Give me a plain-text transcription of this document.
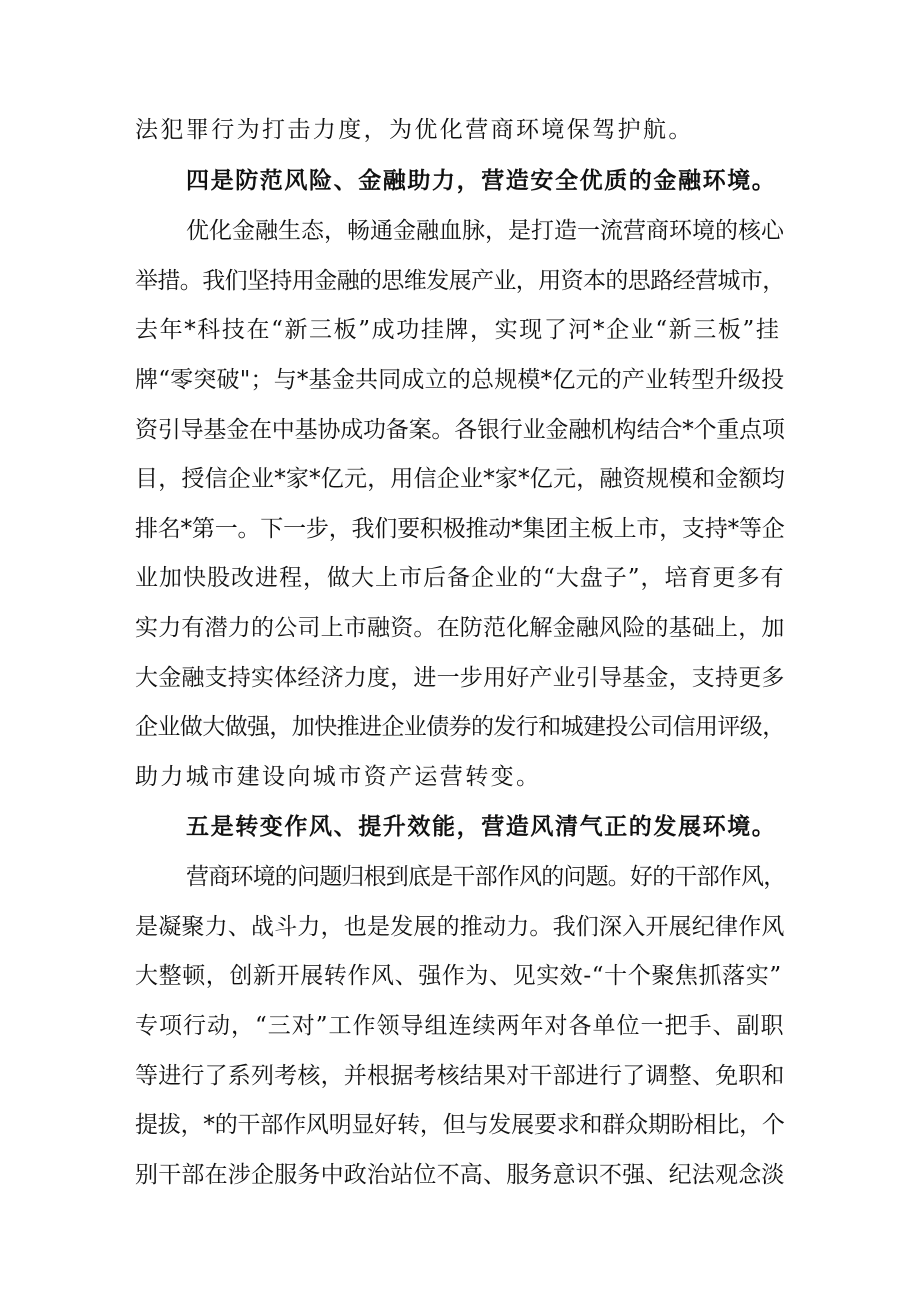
法犯罪行为打击力度，为优化营商环境保驾护航。
四是防范风险、金融助力，营造安全优质的金融环境。
优化金融生态，畅通金融血脉，是打造一流营商环境的核心
举措。我们坚持用金融的思维发展产业，用资本的思路经营城市，
去年*科技在“新三板”成功挂牌，实现了河*企业“新三板”挂
牌“零突破"；与*基金共同成立的总规模*亿元的产业转型升级投
资引导基金在中基协成功备案。各银行业金融机构结合*个重点项
目，授信企业*家*亿元，用信企业*家*亿元，融资规模和金额均
排名*第一。下一步，我们要积极推动*集团主板上市，支持*等企
业加快股改进程，做大上市后备企业的“大盘子”，培育更多有
实力有潜力的公司上市融资。在防范化解金融风险的基础上，加
大金融支持实体经济力度，进一步用好产业引导基金，支持更多
企业做大做强，加快推进企业债券的发行和城建投公司信用评级，
助力城市建设向城市资产运营转变。
五是转变作风、提升效能，营造风清气正的发展环境。
营商环境的问题归根到底是干部作风的问题。好的干部作风，
是凝聚力、战斗力，也是发展的推动力。我们深入开展纪律作风
大整顿，创新开展转作风、强作为、见实效-“十个聚焦抓落实”
专项行动，“三对”工作领导组连续两年对各单位一把手、副职
等进行了系列考核，并根据考核结果对干部进行了调整、免职和
提拔，*的干部作风明显好转，但与发展要求和群众期盼相比，个
别干部在涉企服务中政治站位不高、服务意识不强、纪法观念淡
